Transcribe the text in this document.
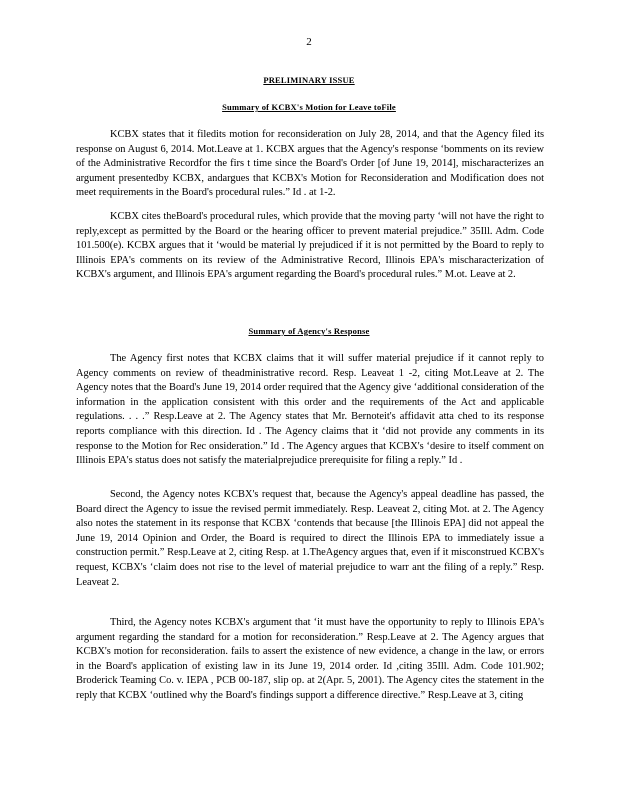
2
PRELIMINARY ISSUE
Summary of KCBX's Motion for Leave toFile

KCBX states that it filedits motion for reconsideration on July 28, 2014, and that the Agency filed its response on August 6, 2014. Mot.Leave at 1. KCBX argues that the Agency's response ‘bomments on its review of the Administrative Recordfor the firs t time since the Board's Order [of June 19, 2014], mischaracterizes an argument presentedby KCBX, andargues that KCBX's Motion for Reconsideration and Modification does not meet requirements in the Board's procedural rules.” Id . at 1-2.

KCBX cites theBoard's procedural rules, which provide that the moving party ‘will not have the right to reply,except as permitted by the Board or the hearing officer to prevent material prejudice.” 35Ill. Adm. Code 101.500(e). KCBX argues that it ‘would be material ly prejudiced if it is not permitted by the Board to reply to Illinois EPA's comments on its review of the Administrative Record, Illinois EPA's mischaracterization of KCBX's argument, and Illinois EPA's argument regarding the Board's procedural rules.” M.ot. Leave at 2.

Summary of Agency's Response

The Agency first notes that KCBX claims that it will suffer material prejudice if it cannot reply to Agency comments on review of theadministrative record. Resp. Leaveat 1 -2, citing Mot.Leave at 2. The Agency notes that the Board's June 19, 2014 order required that the Agency give ‘additional consideration of the information in the application consistent with this order and the requirements of the Act and applicable regulations. . . .” Resp.Leave at 2. The Agency states that Mr. Bernoteit's affidavit atta ched to its response reports compliance with this direction. Id . The Agency claims that it ‘did not provide any comments in its response to the Motion for Rec onsideration.” Id . The Agency argues that KCBX's ‘desire to itself comment on Illinois EPA's status does not satisfy the materialprejudice prerequisite for filing a reply.” Id .

Second, the Agency notes KCBX's request that, because the Agency's appeal deadline has passed, the Board direct the Agency to issue the revised permit immediately. Resp. Leaveat 2, citing Mot. at 2. The Agency also notes the statement in its response that KCBX ‘contends that because [the Illinois EPA] did not appeal the June 19, 2014 Opinion and Order, the Board is required to direct the Illinois EPA to immediately issue a construction permit.” Resp.Leave at 2, citing Resp. at 1.TheAgency argues that, even if it misconstrued KCBX's request, KCBX's ‘claim does not rise to the level of material prejudice to warr ant the filing of a reply.” Resp. Leaveat 2.

Third, the Agency notes KCBX's argument that ‘it must have the opportunity to reply to Illinois EPA's argument regarding the standard for a motion for reconsideration.” Resp.Leave at 2. The Agency argues that KCBX's motion for reconsideration. fails to assert the existence of new evidence, a change in the law, or errors in the Board's application of existing law in its June 19, 2014 order. Id ,citing 35Ill. Adm. Code 101.902; Broderick Teaming Co. v. IEPA , PCB 00-187, slip op. at 2(Apr. 5, 2001). The Agency cites the statement in the reply that KCBX ‘outlined why the Board's findings support a difference directive.” Resp.Leave at 3, citing
